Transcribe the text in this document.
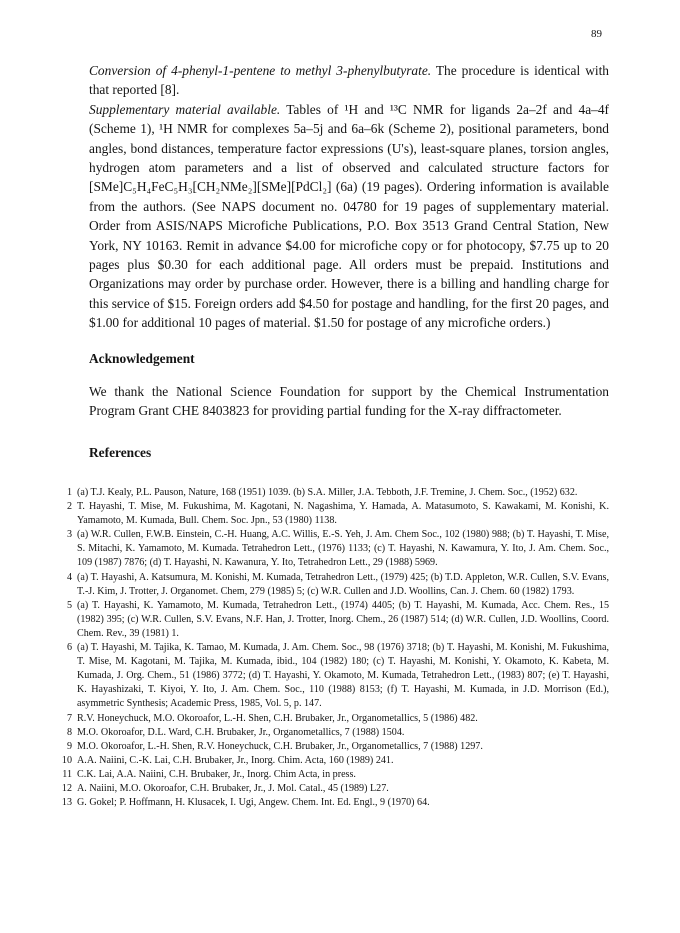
89

Conversion of 4-phenyl-1-pentene to methyl 3-phenylbutyrate. The procedure is identical with that reported [8].

Supplementary material available. Tables of ¹H and ¹³C NMR for ligands 2a–2f and 4a–4f (Scheme 1), ¹H NMR for complexes 5a–5j and 6a–6k (Scheme 2), positional parameters, bond angles, bond distances, temperature factor expressions (U's), least-square planes, torsion angles, hydrogen atom parameters and a list of observed and calculated structure factors for [SMe]C₅H₄FeC₅H₃[CH₂NMe₂][SMe][PdCl₂] (6a) (19 pages). Ordering information is available from the authors. (See NAPS document no. 04780 for 19 pages of supplementary material. Order from ASIS/NAPS Microfiche Publications, P.O. Box 3513 Grand Central Station, New York, NY 10163. Remit in advance $4.00 for microfiche copy or for photocopy, $7.75 up to 20 pages plus $0.30 for each additional page. All orders must be prepaid. Institutions and Organizations may order by purchase order. However, there is a billing and handling charge for this service of $15. Foreign orders add $4.50 for postage and handling, for the first 20 pages, and $1.00 for additional 10 pages of material. $1.50 for postage of any microfiche orders.)

Acknowledgement

We thank the National Science Foundation for support by the Chemical Instrumentation Program Grant CHE 8403823 for providing partial funding for the X-ray diffractometer.

References

1 (a) T.J. Kealy, P.L. Pauson, Nature, 168 (1951) 1039. (b) S.A. Miller, J.A. Tebboth, J.F. Tremine, J. Chem. Soc., (1952) 632.

2 T. Hayashi, T. Mise, M. Fukushima, M. Kagotani, N. Nagashima, Y. Hamada, A. Matasumoto, S. Kawakami, M. Konishi, K. Yamamoto, M. Kumada, Bull. Chem. Soc. Jpn., 53 (1980) 1138.

3 (a) W.R. Cullen, F.W.B. Einstein, C.-H. Huang, A.C. Willis, E.-S. Yeh, J. Am. Chem Soc., 102 (1980) 988; (b) T. Hayashi, T. Mise, S. Mitachi, K. Yamamoto, M. Kumada. Tetrahedron Lett., (1976) 1133; (c) T. Hayashi, N. Kawamura, Y. Ito, J. Am. Chem. Soc., 109 (1987) 7876; (d) T. Hayashi, N. Kawanura, Y. Ito, Tetrahedron Lett., 29 (1988) 5969.

4 (a) T. Hayashi, A. Katsumura, M. Konishi, M. Kumada, Tetrahedron Lett., (1979) 425; (b) T.D. Appleton, W.R. Cullen, S.V. Evans, T.-J. Kim, J. Trotter, J. Organomet. Chem, 279 (1985) 5; (c) W.R. Cullen and J.D. Woollins, Can. J. Chem. 60 (1982) 1793.

5 (a) T. Hayashi, K. Yamamoto, M. Kumada, Tetrahedron Lett., (1974) 4405; (b) T. Hayashi, M. Kumada, Acc. Chem. Res., 15 (1982) 395; (c) W.R. Cullen, S.V. Evans, N.F. Han, J. Trotter, Inorg. Chem., 26 (1987) 514; (d) W.R. Cullen, J.D. Woollins, Coord. Chem. Rev., 39 (1981) 1.

6 (a) T. Hayashi, M. Tajika, K. Tamao, M. Kumada, J. Am. Chem. Soc., 98 (1976) 3718; (b) T. Hayashi, M. Konishi, M. Fukushima, T. Mise, M. Kagotani, M. Tajika, M. Kumada, ibid., 104 (1982) 180; (c) T. Hayashi, M. Konishi, Y. Okamoto, K. Kabeta, M. Kumada, J. Org. Chem., 51 (1986) 3772; (d) T. Hayashi, Y. Okamoto, M. Kumada, Tetrahedron Lett., (1983) 807; (e) T. Hayashi, K. Hayashizaki, T. Kiyoi, Y. Ito, J. Am. Chem. Soc., 110 (1988) 8153; (f) T. Hayashi, M. Kumada, in J.D. Morrison (Ed.), asymmetric Synthesis; Academic Press, 1985, Vol. 5, p. 147.

7 R.V. Honeychuck, M.O. Okoroafor, L.-H. Shen, C.H. Brubaker, Jr., Organometallics, 5 (1986) 482.

8 M.O. Okoroafor, D.L. Ward, C.H. Brubaker, Jr., Organometallics, 7 (1988) 1504.

9 M.O. Okoroafor, L.-H. Shen, R.V. Honeychuck, C.H. Brubaker, Jr., Organometallics, 7 (1988) 1297.

10 A.A. Naiini, C.-K. Lai, C.H. Brubaker, Jr., Inorg. Chim. Acta, 160 (1989) 241.

11 C.K. Lai, A.A. Naiini, C.H. Brubaker, Jr., Inorg. Chim Acta, in press.

12 A. Naiini, M.O. Okoroafor, C.H. Brubaker, Jr., J. Mol. Catal., 45 (1989) L27.

13 G. Gokel; P. Hoffmann, H. Klusacek, I. Ugi, Angew. Chem. Int. Ed. Engl., 9 (1970) 64.
